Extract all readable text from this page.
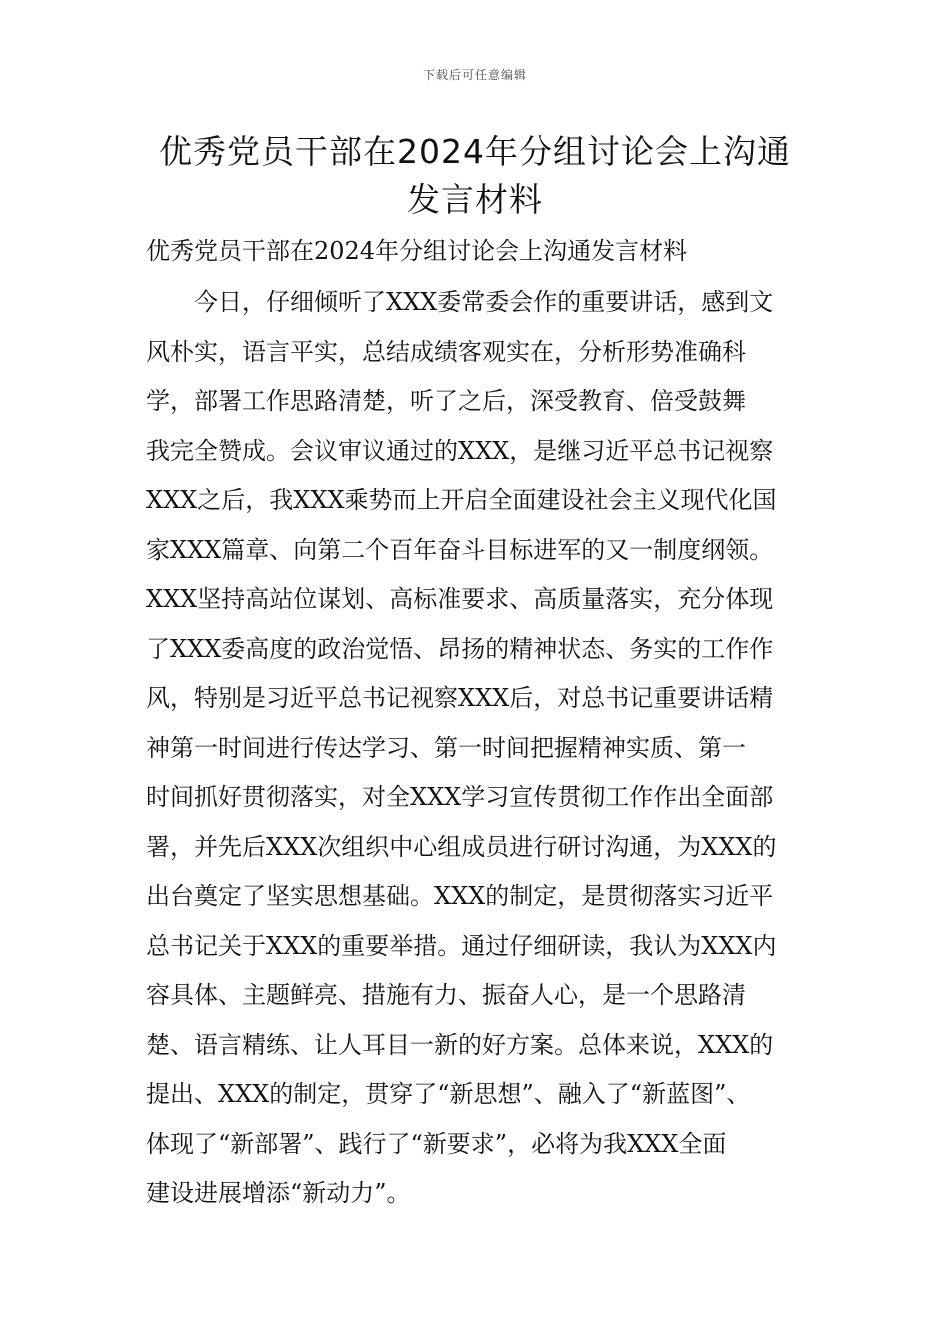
下载后可任意编辑
优秀党员干部在2024年分组讨论会上沟通
发言材料
优秀党员干部在2024年分组讨论会上沟通发言材料
今日，仔细倾听了XXX委常委会作的重要讲话，感到文
风朴实，语言平实，总结成绩客观实在，分析形势准确科
学，部署工作思路清楚，听了之后，深受教育、倍受鼓舞
我完全赞成。会议审议通过的XXX，是继习近平总书记视察
XXX之后，我XXX乘势而上开启全面建设社会主义现代化国
家XXX篇章、向第二个百年奋斗目标进军的又一制度纲领。
XXX坚持高站位谋划、高标准要求、高质量落实，充分体现
了XXX委高度的政治觉悟、昂扬的精神状态、务实的工作作
风，特别是习近平总书记视察XXX后，对总书记重要讲话精
神第一时间进行传达学习、第一时间把握精神实质、第一
时间抓好贯彻落实，对全XXX学习宣传贯彻工作作出全面部
署，并先后XXX次组织中心组成员进行研讨沟通，为XXX的
出台奠定了坚实思想基础。XXX的制定，是贯彻落实习近平
总书记关于XXX的重要举措。通过仔细研读，我认为XXX内
容具体、主题鲜亮、措施有力、振奋人心，是一个思路清
楚、语言精练、让人耳目一新的好方案。总体来说，XXX的
提出、XXX的制定，贯穿了“新思想”、融入了“新蓝图”、
体现了“新部署”、践行了“新要求”，必将为我XXX全面
建设进展增添“新动力”。
